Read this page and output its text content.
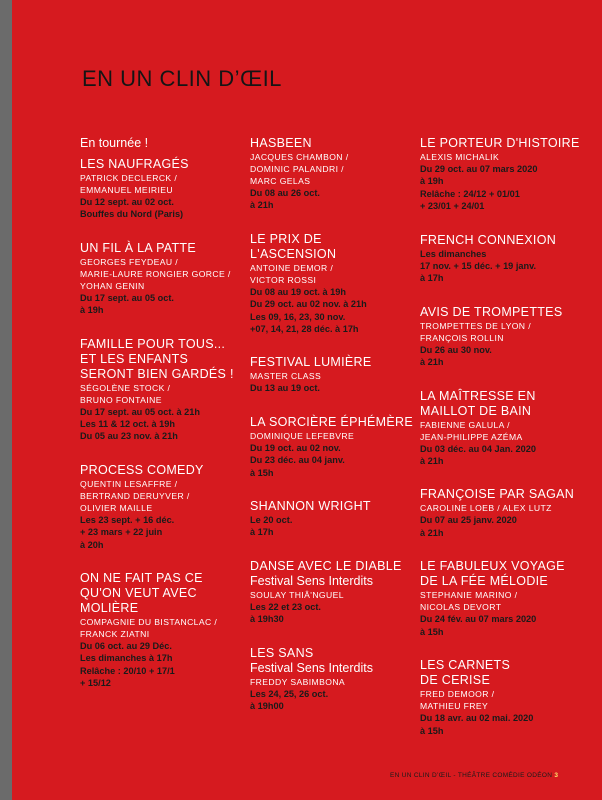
EN UN CLIN D’ŒIL
En tournée !
LES NAUFRAGÉS
PATRICK DECLERCK /
EMMANUEL MEIRIEU
Du 12 sept. au 02 oct.
Bouffes du Nord (Paris)
UN FIL À LA PATTE
GEORGES FEYDEAU /
MARIE-LAURE RONGIER GORCE /
YOHAN GENIN
Du 17 sept. au 05 oct.
à 19h
FAMILLE POUR TOUS...
ET LES ENFANTS
SERONT BIEN GARDÉS !
SÉGOLÈNE STOCK /
BRUNO FONTAINE
Du 17 sept. au 05 oct. à 21h
Les 11 & 12 oct. à 19h
Du 05 au 23 nov. à 21h
PROCESS COMEDY
QUENTIN LESAFFRE /
BERTRAND DERUYVER /
OLIVIER MAILLE
Les 23 sept. + 16 déc.
+ 23 mars + 22 juin
à 20h
ON NE FAIT PAS CE
QU'ON VEUT AVEC
MOLIÈRE
COMPAGNIE DU BISTANCLAC /
FRANCK ZIATNI
Du 06 oct. au 29 Déc.
Les dimanches à 17h
Relâche : 20/10 + 17/1
+ 15/12
HASBEEN
JACQUES CHAMBON /
DOMINIC PALANDRI /
MARC GELAS
Du 08 au 26 oct.
à 21h
LE PRIX DE
L'ASCENSION
ANTOINE DEMOR /
VICTOR ROSSI
Du 08 au 19 oct. à 19h
Du 29 oct. au 02 nov. à 21h
Les 09, 16, 23, 30 nov.
+07, 14, 21, 28 déc. à 17h
FESTIVAL LUMIÈRE
MASTER CLASS
Du 13 au 19 oct.
LA SORCIÈRE ÉPHÉMÈRE
DOMINIQUE LEFEBVRE
Du 19 oct. au 02 nov.
Du 23 déc. au 04 janv.
à 15h
SHANNON WRIGHT
Le 20 oct.
à 17h
DANSE AVEC LE DIABLE
Festival Sens Interdits
SOULAY THIÂ'NGUEL
Les 22 et 23 oct.
à 19h30
LES SANS
Festival Sens Interdits
FREDDY SABIMBONA
Les 24, 25, 26 oct.
à 19h00
LE PORTEUR D'HISTOIRE
ALEXIS MICHALIK
Du 29 oct. au 07 mars 2020
à 19h
Relâche : 24/12 + 01/01
+ 23/01 + 24/01
FRENCH CONNEXION
Les dimanches
17 nov. + 15 déc. + 19 janv.
à 17h
AVIS DE TROMPETTES
TROMPETTES DE LYON /
FRANÇOIS ROLLIN
Du 26 au 30 nov.
à 21h
LA MAÎTRESSE EN
MAILLOT DE BAIN
FABIENNE GALULA /
JEAN-PHILIPPE AZÉMA
Du 03 déc. au 04 Jan. 2020
à 21h
FRANÇOISE PAR SAGAN
CAROLINE LOEB / ALEX LUTZ
Du 07 au 25 janv. 2020
à 21h
LE FABULEUX VOYAGE
DE LA FÉE MÉLODIE
STEPHANIE MARINO /
NICOLAS DEVORT
Du 24 fév. au 07 mars 2020
à 15h
LES CARNETS
DE CERISE
FRED DEMOOR /
MATHIEU FREY
Du 18 avr. au 02 mai. 2020
à 15h
EN UN CLIN D’ŒIL - THÉÂTRE COMÉDIE ODÉON 3
